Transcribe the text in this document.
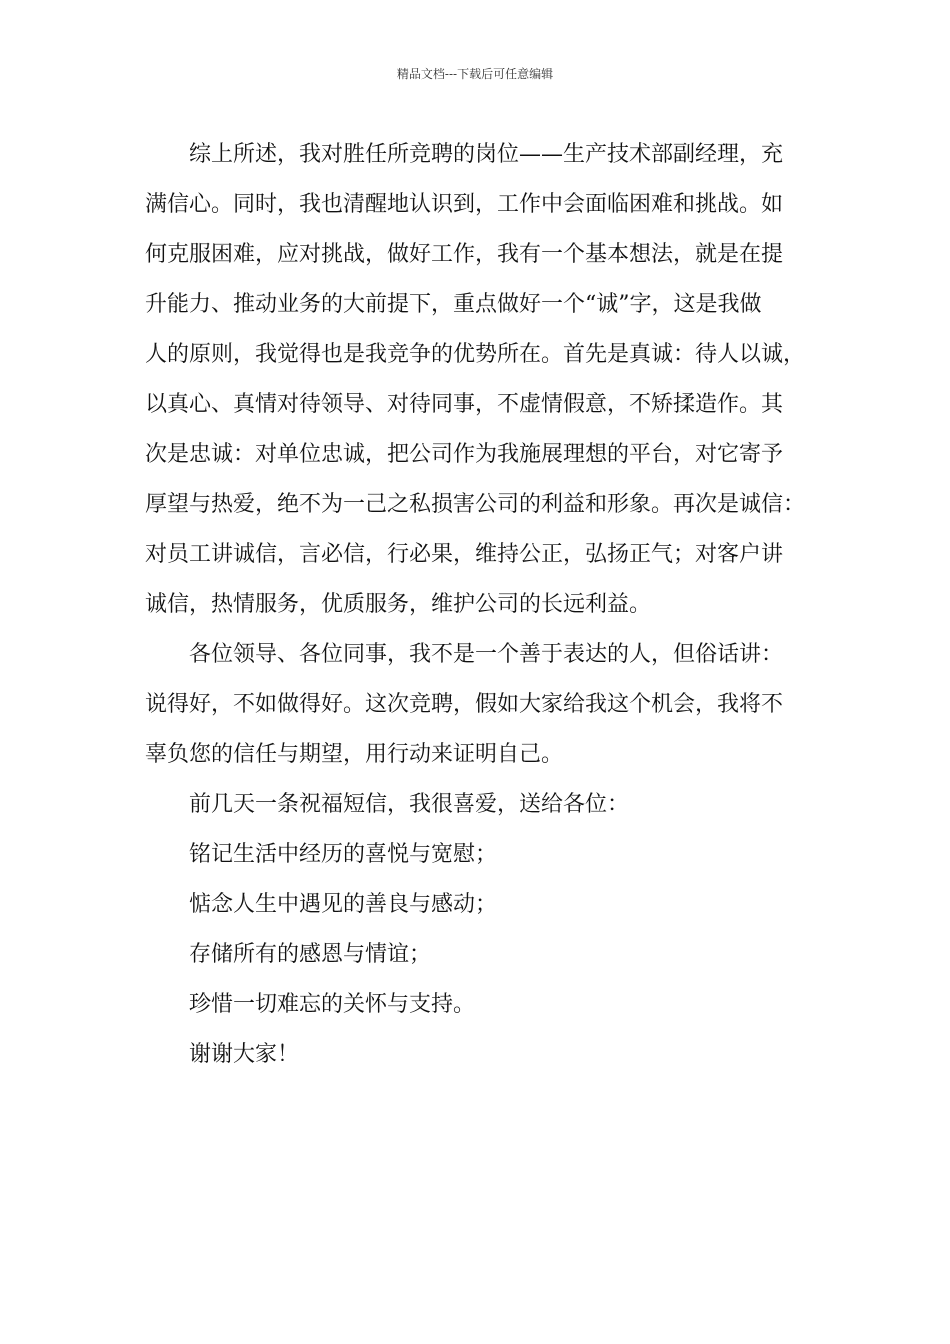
精品文档---下载后可任意编辑
综上所述，我对胜任所竞聘的岗位——生产技术部副经理，充
满信心。同时，我也清醒地认识到，工作中会面临困难和挑战。如
何克服困难，应对挑战，做好工作，我有一个基本想法，就是在提
升能力、推动业务的大前提下，重点做好一个“诚”字，这是我做
人的原则，我觉得也是我竞争的优势所在。首先是真诚：待人以诚，
以真心、真情对待领导、对待同事，不虚情假意，不矫揉造作。其
次是忠诚：对单位忠诚，把公司作为我施展理想的平台，对它寄予
厚望与热爱，绝不为一己之私损害公司的利益和形象。再次是诚信：
对员工讲诚信，言必信，行必果，维持公正，弘扬正气；对客户讲
诚信，热情服务，优质服务，维护公司的长远利益。
各位领导、各位同事，我不是一个善于表达的人，但俗话讲：
说得好，不如做得好。这次竞聘，假如大家给我这个机会，我将不
辜负您的信任与期望，用行动来证明自己。
前几天一条祝福短信，我很喜爱，送给各位：
铭记生活中经历的喜悦与宽慰；
惦念人生中遇见的善良与感动；
存储所有的感恩与情谊；
珍惜一切难忘的关怀与支持。
谢谢大家！
